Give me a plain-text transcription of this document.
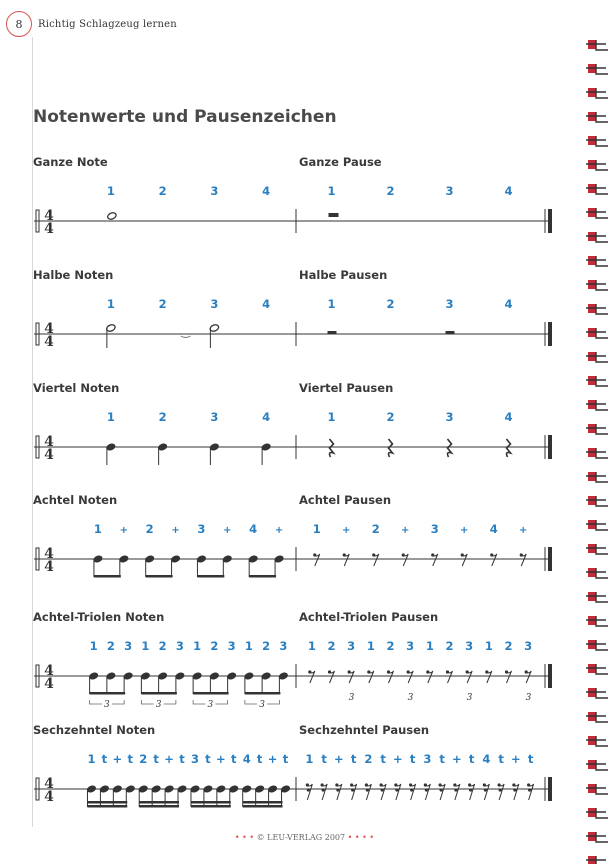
8	Richtig Schlagzeug lernen
Notenwerte und Pausenzeichen
Ganze Note	Ganze Pause
4
4
1	2	3	4	1	2	3	4
Halbe Noten	Halbe Pausen
4
4
1	2	3	4	1	2	3	4
Viertel Noten	Viertel Pausen
4
4
1	2	3	4	1	2	3	4
Achtel Noten	Achtel Pausen
4
4
1 + 2 + 3 + 4 +	1 + 2 + 3 + 4 +
Achtel-Triolen Noten	Achtel-Triolen Pausen
4
4
1 2 3 1 2 3 1 2 3 1 2 3
3	3	3	3
1 2 3 1 2 3 1 2 3 1 2 3
3	3	3	3
Sechzehntel Noten	Sechzehntel Pausen
4
4
1 t + t 2 t + t 3 t + t 4 t + t 1 t + t 2 t + t 3 t + t 4 t + t
• • • © LEU-VERLAG 2007 • • • •
